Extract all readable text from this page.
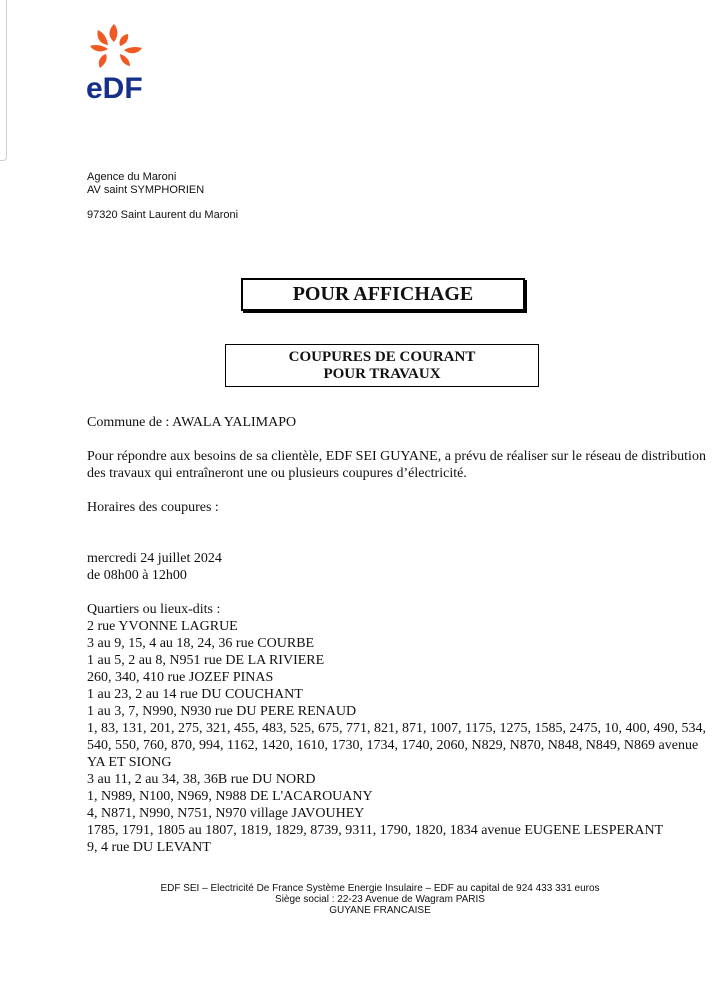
eDF
Agence du Maroni
AV saint SYMPHORIEN
97320 Saint Laurent du Maroni
POUR AFFICHAGE
COUPURES DE COURANT
POUR TRAVAUX

Commune de : AWALA YALIMAPO

Pour répondre aux besoins de sa clientèle, EDF SEI GUYANE, a prévu de réaliser sur le réseau de distribution des travaux qui entraîneront une ou plusieurs coupures d’électricité.

Horaires des coupures :

mercredi 24 juillet 2024

de 08h00 à 12h00

Quartiers ou lieux-dits :

2 rue YVONNE LAGRUE

3 au 9, 15, 4 au 18, 24, 36 rue COURBE

1 au 5, 2 au 8, N951 rue DE LA RIVIERE

260, 340, 410 rue JOZEF PINAS

1 au 23, 2 au 14 rue DU COUCHANT

1 au 3, 7, N990, N930 rue DU PERE RENAUD

1, 83, 131, 201, 275, 321, 455, 483, 525, 675, 771, 821, 871, 1007, 1175, 1275, 1585, 2475, 10, 400, 490, 534, 540, 550, 760, 870, 994, 1162, 1420, 1610, 1730, 1734, 1740, 2060, N829, N870, N848, N849, N869 avenue YA ET SIONG

3 au 11, 2 au 34, 38, 36B rue DU NORD

1, N989, N100, N969, N988 DE L'ACAROUANY

4, N871, N990, N751, N970 village JAVOUHEY

1785, 1791, 1805 au 1807, 1819, 1829, 8739, 9311, 1790, 1820, 1834 avenue EUGENE LESPERANT

9, 4 rue DU LEVANT

EDF SEI – Electricité De France Système Energie Insulaire – EDF au capital de 924 433 331 euros
Siège social : 22-23 Avenue de Wagram PARIS
GUYANE FRANCAISE
